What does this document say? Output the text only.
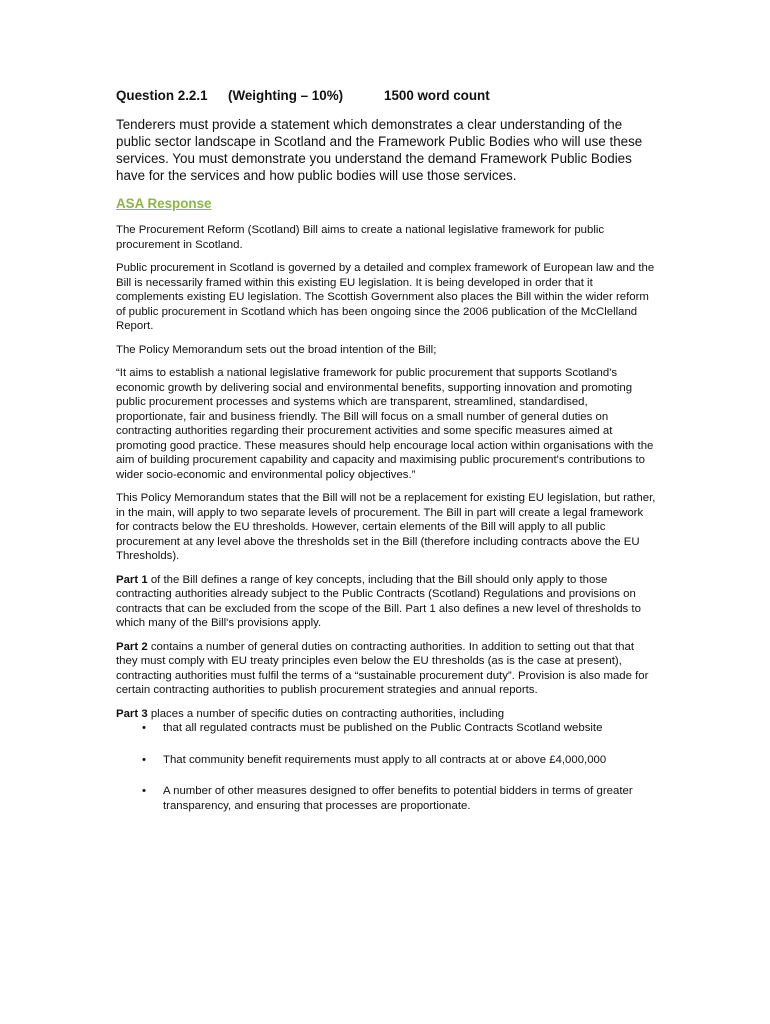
Question 2.2.1 (Weighting – 10%)	1500 word count

Tenderers must provide a statement which demonstrates a clear understanding of the public sector landscape in Scotland and the Framework Public Bodies who will use these services. You must demonstrate you understand the demand Framework Public Bodies have for the services and how public bodies will use those services.

ASA Response

The Procurement Reform (Scotland) Bill aims to create a national legislative framework for public procurement in Scotland.

Public procurement in Scotland is governed by a detailed and complex framework of European law and the Bill is necessarily framed within this existing EU legislation. It is being developed in order that it complements existing EU legislation. The Scottish Government also places the Bill within the wider reform of public procurement in Scotland which has been ongoing since the 2006 publication of the McClelland Report.

The Policy Memorandum sets out the broad intention of the Bill;

“It aims to establish a national legislative framework for public procurement that supports Scotland's economic growth by delivering social and environmental benefits, supporting innovation and promoting public procurement processes and systems which are transparent, streamlined, standardised, proportionate, fair and business friendly. The Bill will focus on a small number of general duties on contracting authorities regarding their procurement activities and some specific measures aimed at promoting good practice. These measures should help encourage local action within organisations with the aim of building procurement capability and capacity and maximising public procurement's contributions to wider socio-economic and environmental policy objectives.”

This Policy Memorandum states that the Bill will not be a replacement for existing EU legislation, but rather, in the main, will apply to two separate levels of procurement. The Bill in part will create a legal framework for contracts below the EU thresholds. However, certain elements of the Bill will apply to all public procurement at any level above the thresholds set in the Bill (therefore including contracts above the EU Thresholds).

Part 1 of the Bill defines a range of key concepts, including that the Bill should only apply to those contracting authorities already subject to the Public Contracts (Scotland) Regulations and provisions on contracts that can be excluded from the scope of the Bill. Part 1 also defines a new level of thresholds to which many of the Bill's provisions apply.

Part 2 contains a number of general duties on contracting authorities. In addition to setting out that that they must comply with EU treaty principles even below the EU thresholds (as is the case at present), contracting authorities must fulfil the terms of a “sustainable procurement duty”. Provision is also made for certain contracting authorities to publish procurement strategies and annual reports.

Part 3 places a number of specific duties on contracting authorities, including

• that all regulated contracts must be published on the Public Contracts Scotland website
• That community benefit requirements must apply to all contracts at or above £4,000,000
• A number of other measures designed to offer benefits to potential bidders in terms of greater transparency, and ensuring that processes are proportionate.
